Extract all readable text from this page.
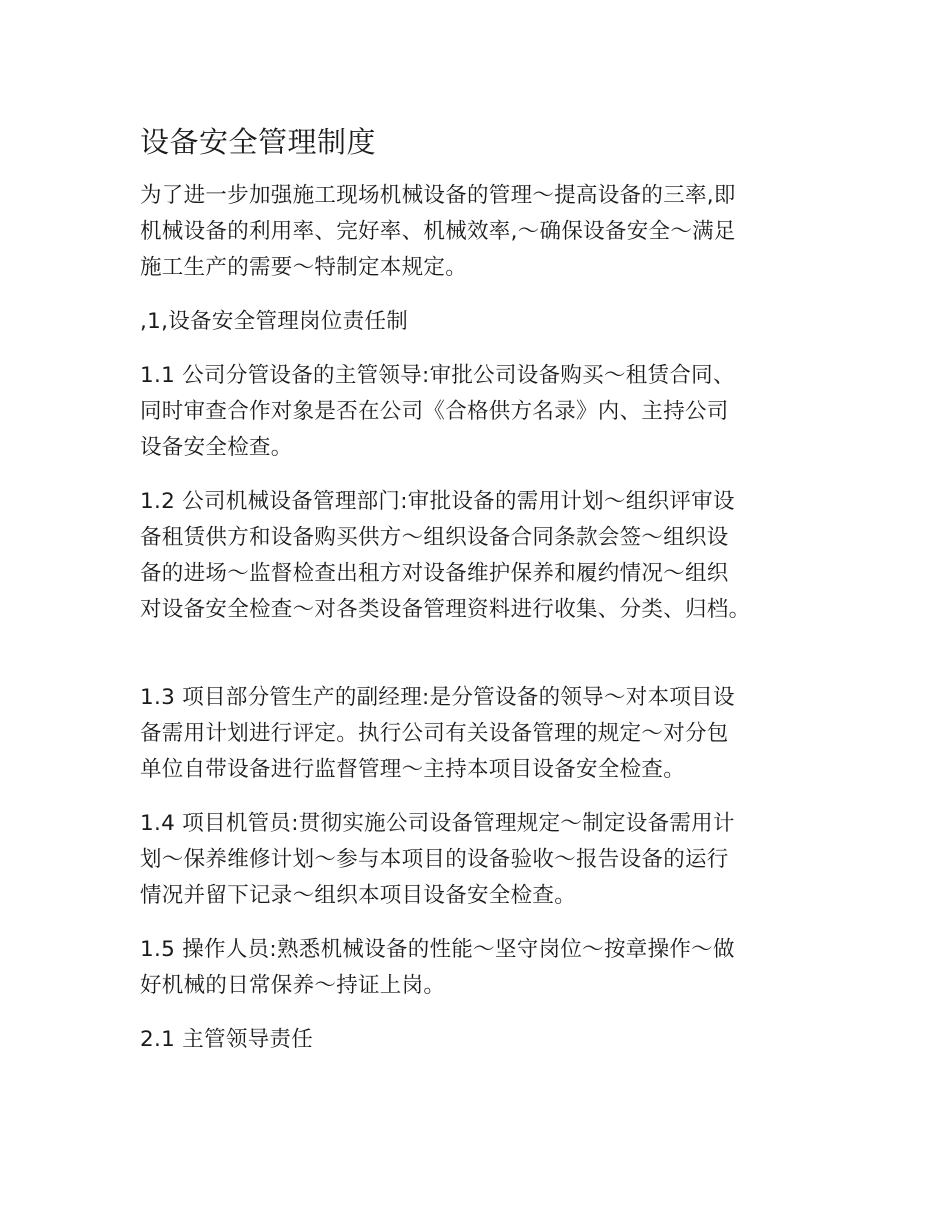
设备安全管理制度

为了进一步加强施工现场机械设备的管理～提高设备的三率,即
机械设备的利用率、完好率、机械效率,～确保设备安全～满足
施工生产的需要～特制定本规定。

,1,设备安全管理岗位责任制

1.1 公司分管设备的主管领导:审批公司设备购买～租赁合同、
同时审查合作对象是否在公司《合格供方名录》内、主持公司
设备安全检查。

1.2 公司机械设备管理部门:审批设备的需用计划～组织评审设
备租赁供方和设备购买供方～组织设备合同条款会签～组织设
备的进场～监督检查出租方对设备维护保养和履约情况～组织
对设备安全检查～对各类设备管理资料进行收集、分类、归档。

1.3 项目部分管生产的副经理:是分管设备的领导～对本项目设
备需用计划进行评定。执行公司有关设备管理的规定～对分包
单位自带设备进行监督管理～主持本项目设备安全检查。

1.4 项目机管员:贯彻实施公司设备管理规定～制定设备需用计
划～保养维修计划～参与本项目的设备验收～报告设备的运行
情况并留下记录～组织本项目设备安全检查。

1.5 操作人员:熟悉机械设备的性能～坚守岗位～按章操作～做
好机械的日常保养～持证上岗。

2.1 主管领导责任
